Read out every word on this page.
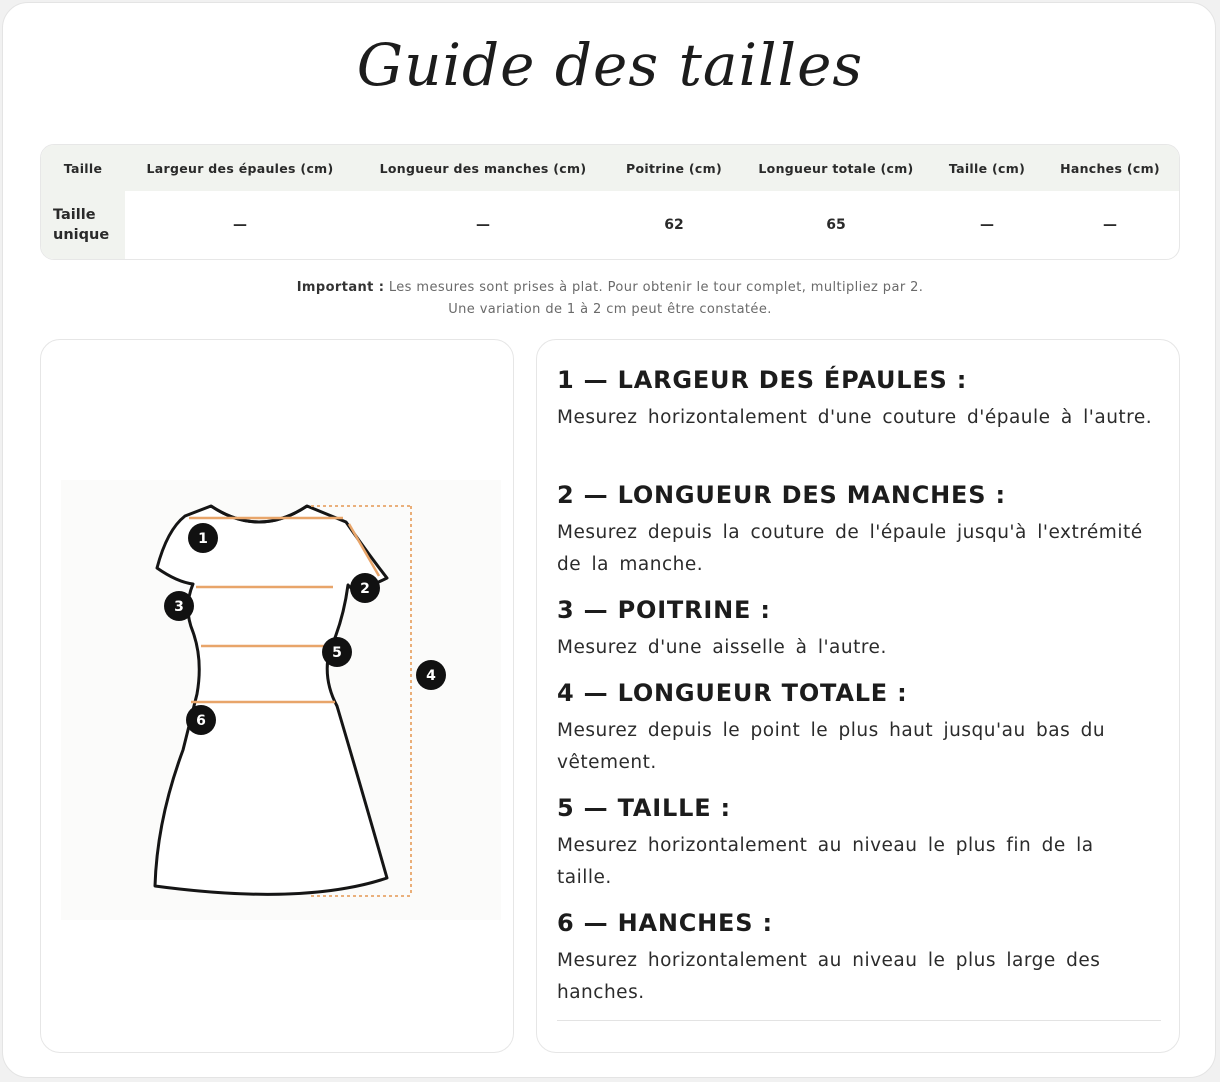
Guide des tailles
Taille	Largeur des épaules (cm)	Longueur des manches (cm)	Poitrine (cm)	Longueur totale (cm)	Taille (cm)	Hanches (cm)

Taille
unique	—	—	62	65	—	—
Important : Les mesures sont prises à plat. Pour obtenir le tour complet, multipliez par 2.
Une variation de 1 à 2 cm peut être constatée.
1
2
3
4
5
6
1 — LARGEUR DES ÉPAULES :

Mesurez horizontalement d'une couture d'épaule à l'autre.

2 — LONGUEUR DES MANCHES :

Mesurez depuis la couture de l'épaule jusqu'à l'extrémité de la manche.

3 — POITRINE :

Mesurez d'une aisselle à l'autre.

4 — LONGUEUR TOTALE :

Mesurez depuis le point le plus haut jusqu'au bas du vêtement.

5 — TAILLE :

Mesurez horizontalement au niveau le plus fin de la taille.

6 — HANCHES :

Mesurez horizontalement au niveau le plus large des hanches.
